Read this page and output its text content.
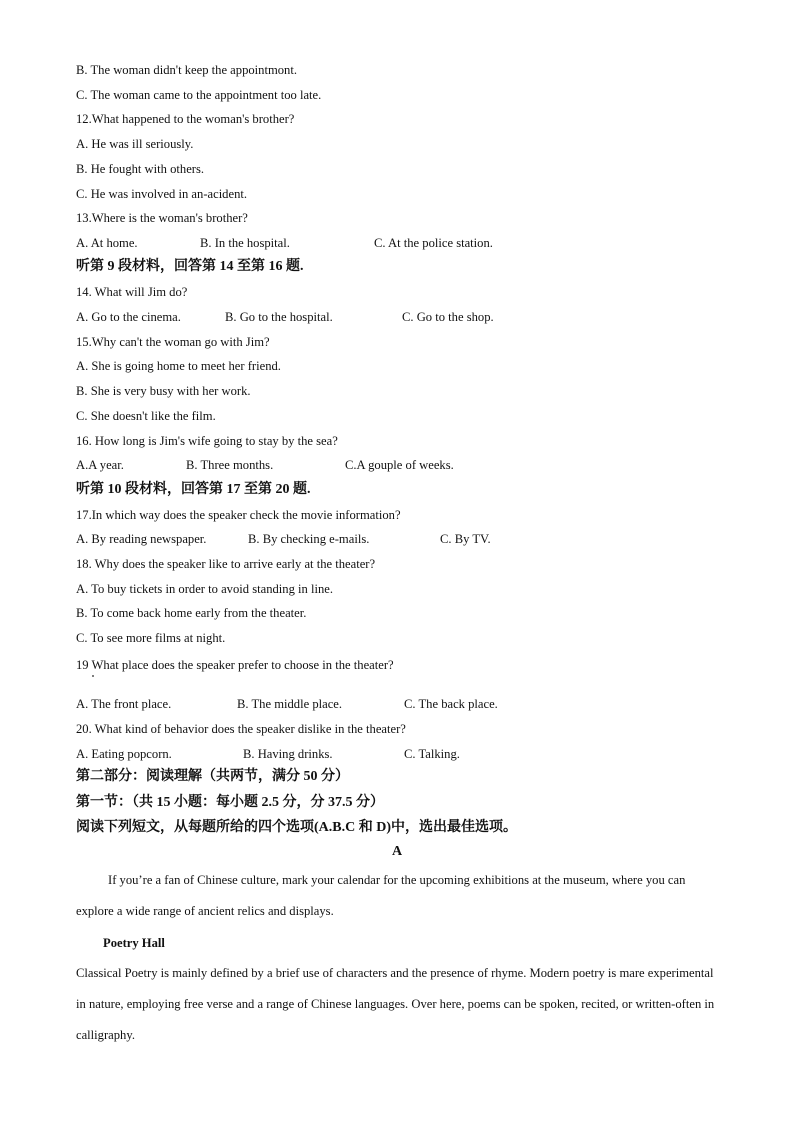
B. The woman didn't keep the appointmont.
C. The woman came to the appointment too late.
12.What happened to the woman's brother?
A. He was ill seriously.
B. He fought with others.
C. He was involved in an-acident.
13.Where is the woman's brother?
A. At home.	B. In the hospital.	C. At the police station.
听第 9 段材料，回答第 14 至第 16 题.
14. What will Jim do?
A. Go to the cinema.	B. Go to the hospital.	C. Go to the shop.
15.Why can't the woman go with Jim?
A. She is going home to meet her friend.
B. She is very busy with her work.
C. She doesn't like the film.
16. How long is Jim's wife going to stay by the sea?
A.A year.	B. Three months.	C.A gouple of weeks.
听第 10 段材料，回答第 17 至第 20 题.
17.In which way does the speaker check the movie information?
A. By reading newspaper.	B. By checking e-mails.	C. By TV.
18. Why does the speaker like to arrive early at the theater?
A. To buy tickets in order to avoid standing in line.
B. To come back home early from the theater.
C. To see more films at night.
19 What place does the speaker prefer to choose in the theater?
A. The front place.	B. The middle place.	C. The back place.
20. What kind of behavior does the speaker dislike in the theater?
A. Eating popcorn.	B. Having drinks.	C. Talking.
第二部分：阅读理解（共两节，满分 50 分）
第一节：（共 15 小题：每小题 2.5 分，分 37.5 分）
阅读下列短文，从每题所给的四个选项(A.B.C 和 D)中，选出最佳选项。
A
If you’re a fan of Chinese culture, mark your calendar for the upcoming exhibitions at the museum, where you can explore a wide range of ancient relics and displays.
Poetry Hall
Classical Poetry is mainly defined by a brief use of characters and the presence of rhyme. Modern poetry is mare experimental in nature, employing free verse and a range of Chinese languages. Over here, poems can be spoken, recited, or written-often in calligraphy.
